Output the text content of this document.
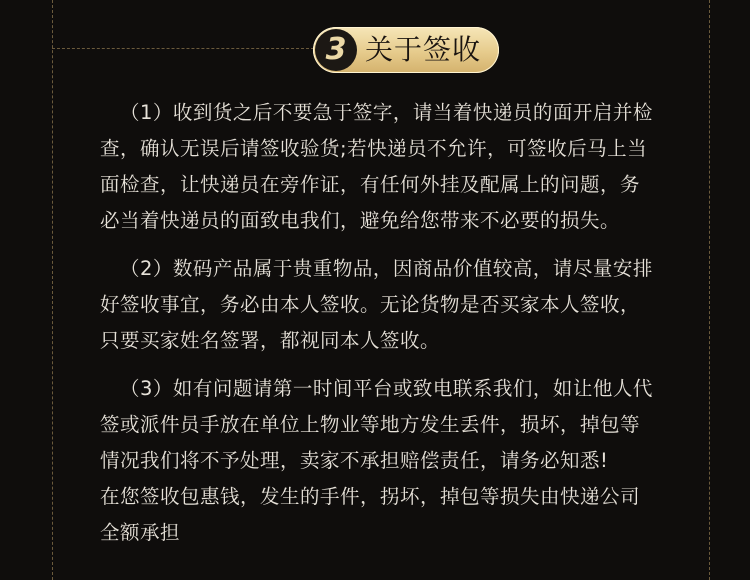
3 关于签收
（1）收到货之后不要急于签字，请当着快递员的面开启并检
查，确认无误后请签收验货;若快递员不允许，可签收后马上当
面检查，让快递员在旁作证，有任何外挂及配属上的问题，务
必当着快递员的面致电我们，避免给您带来不必要的损失。
（2）数码产品属于贵重物品，因商品价值较高，请尽量安排
好签收事宜，务必由本人签收。无论货物是否买家本人签收，
只要买家姓名签署，都视同本人签收。
（3）如有问题请第一时间平台或致电联系我们，如让他人代
签或派件员手放在单位上物业等地方发生丢件，损坏，掉包等
情况我们将不予处理，卖家不承担赔偿责任，请务必知悉!
在您签收包惠钱，发生的手件，拐坏，掉包等损失由快递公司
全额承担
